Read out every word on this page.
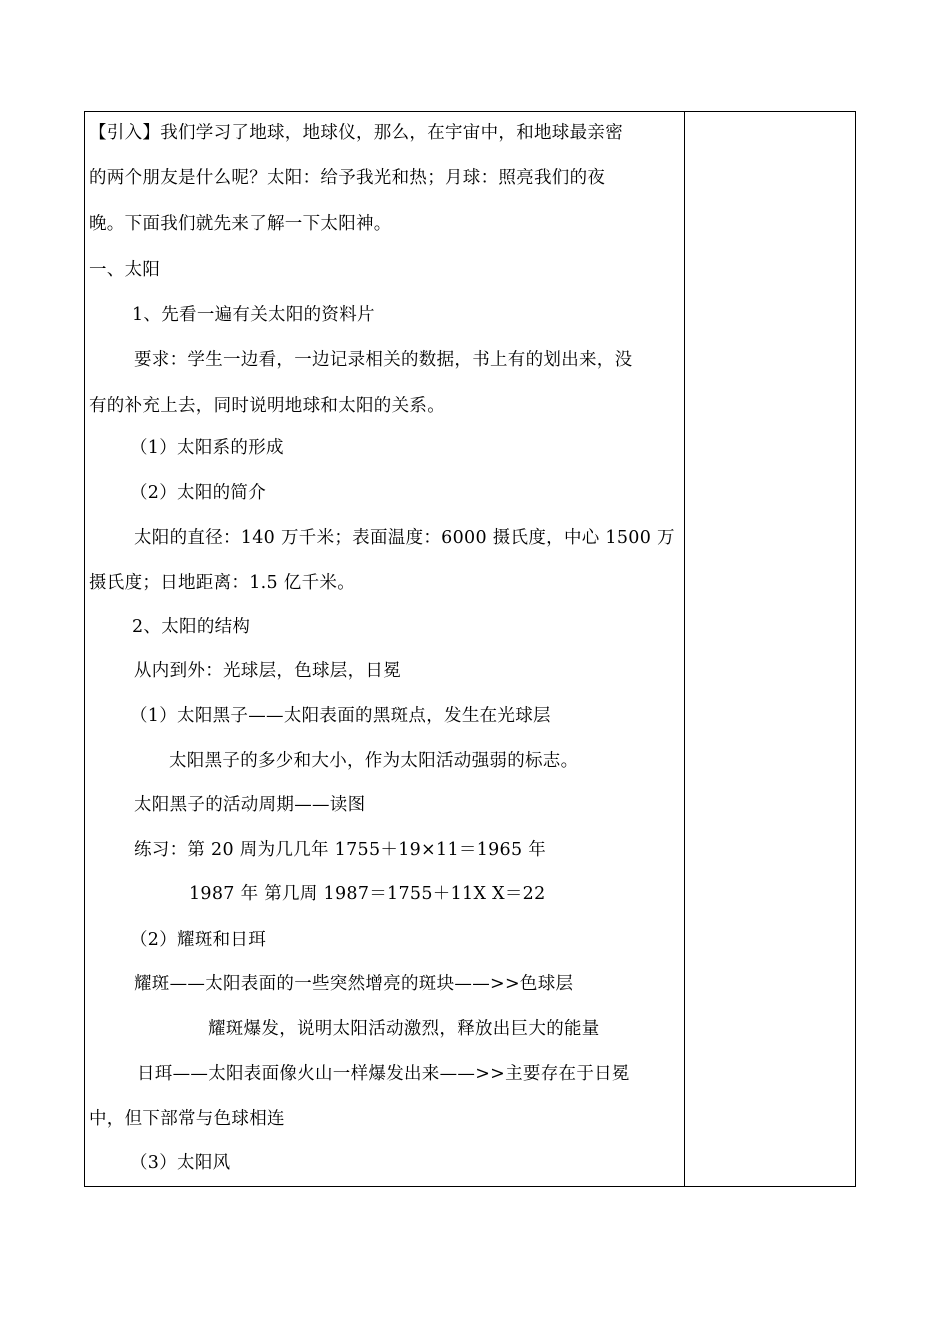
【引入】我们学习了地球，地球仪，那么，在宇宙中，和地球最亲密
的两个朋友是什么呢？太阳：给予我光和热；月球：照亮我们的夜
晚。下面我们就先来了解一下太阳神。
一、太阳
1、先看一遍有关太阳的资料片
要求：学生一边看，一边记录相关的数据，书上有的划出来，没
有的补充上去，同时说明地球和太阳的关系。
（1）太阳系的形成
（2）太阳的简介
太阳的直径：140 万千米；表面温度：6000 摄氏度，中心 1500 万
摄氏度；日地距离：1.5 亿千米。
2、太阳的结构
从内到外：光球层，色球层，日冕
（1）太阳黑子——太阳表面的黑斑点，发生在光球层
太阳黑子的多少和大小，作为太阳活动强弱的标志。
太阳黑子的活动周期——读图
练习：第 20 周为几几年 1755＋19×11＝1965 年
1987 年 第几周 1987＝1755＋11X X＝22
（2）耀斑和日珥
耀斑——太阳表面的一些突然增亮的斑块——>>色球层
耀斑爆发，说明太阳活动激烈，释放出巨大的能量
日珥——太阳表面像火山一样爆发出来——>>主要存在于日冕
中，但下部常与色球相连
（3）太阳风
